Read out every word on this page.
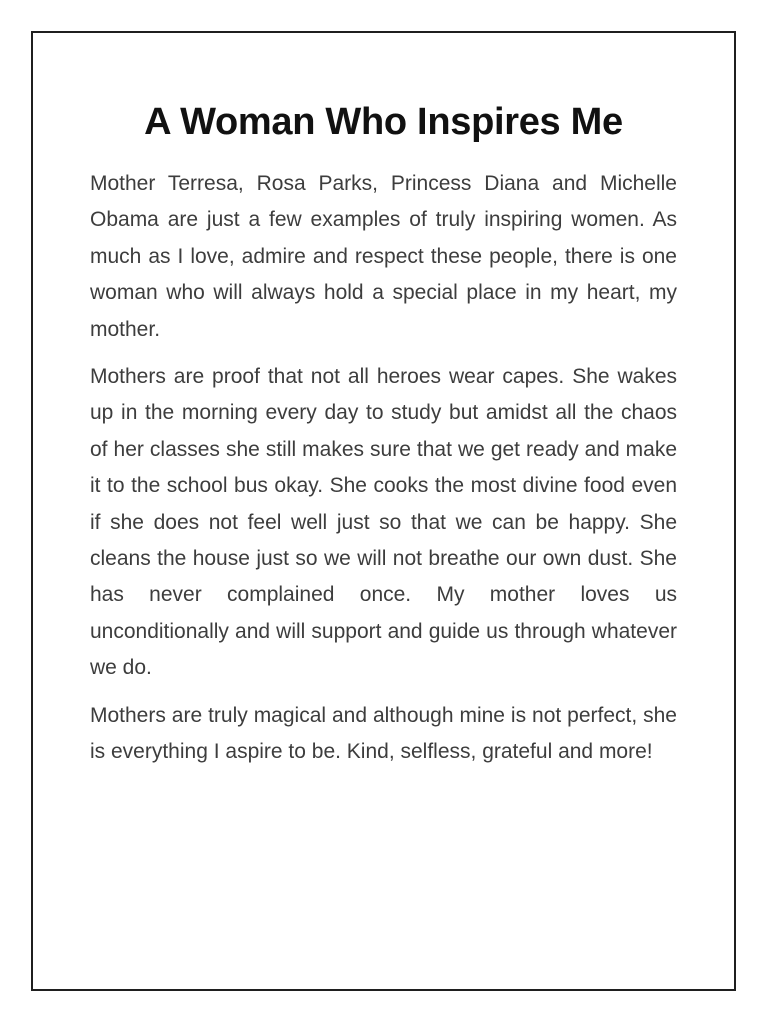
A Woman Who Inspires Me

Mother Terresa, Rosa Parks, Princess Diana and Michelle Obama are just a few examples of truly inspiring women. As much as I love, admire and respect these people, there is one woman who will always hold a special place in my heart, my mother.

Mothers are proof that not all heroes wear capes. She wakes up in the morning every day to study but amidst all the chaos of her classes she still makes sure that we get ready and make it to the school bus okay. She cooks the most divine food even if she does not feel well just so that we can be happy. She cleans the house just so we will not breathe our own dust. She has never complained once. My mother loves us unconditionally and will support and guide us through whatever we do.

Mothers are truly magical and although mine is not perfect, she is everything I aspire to be. Kind, selfless, grateful and more!
